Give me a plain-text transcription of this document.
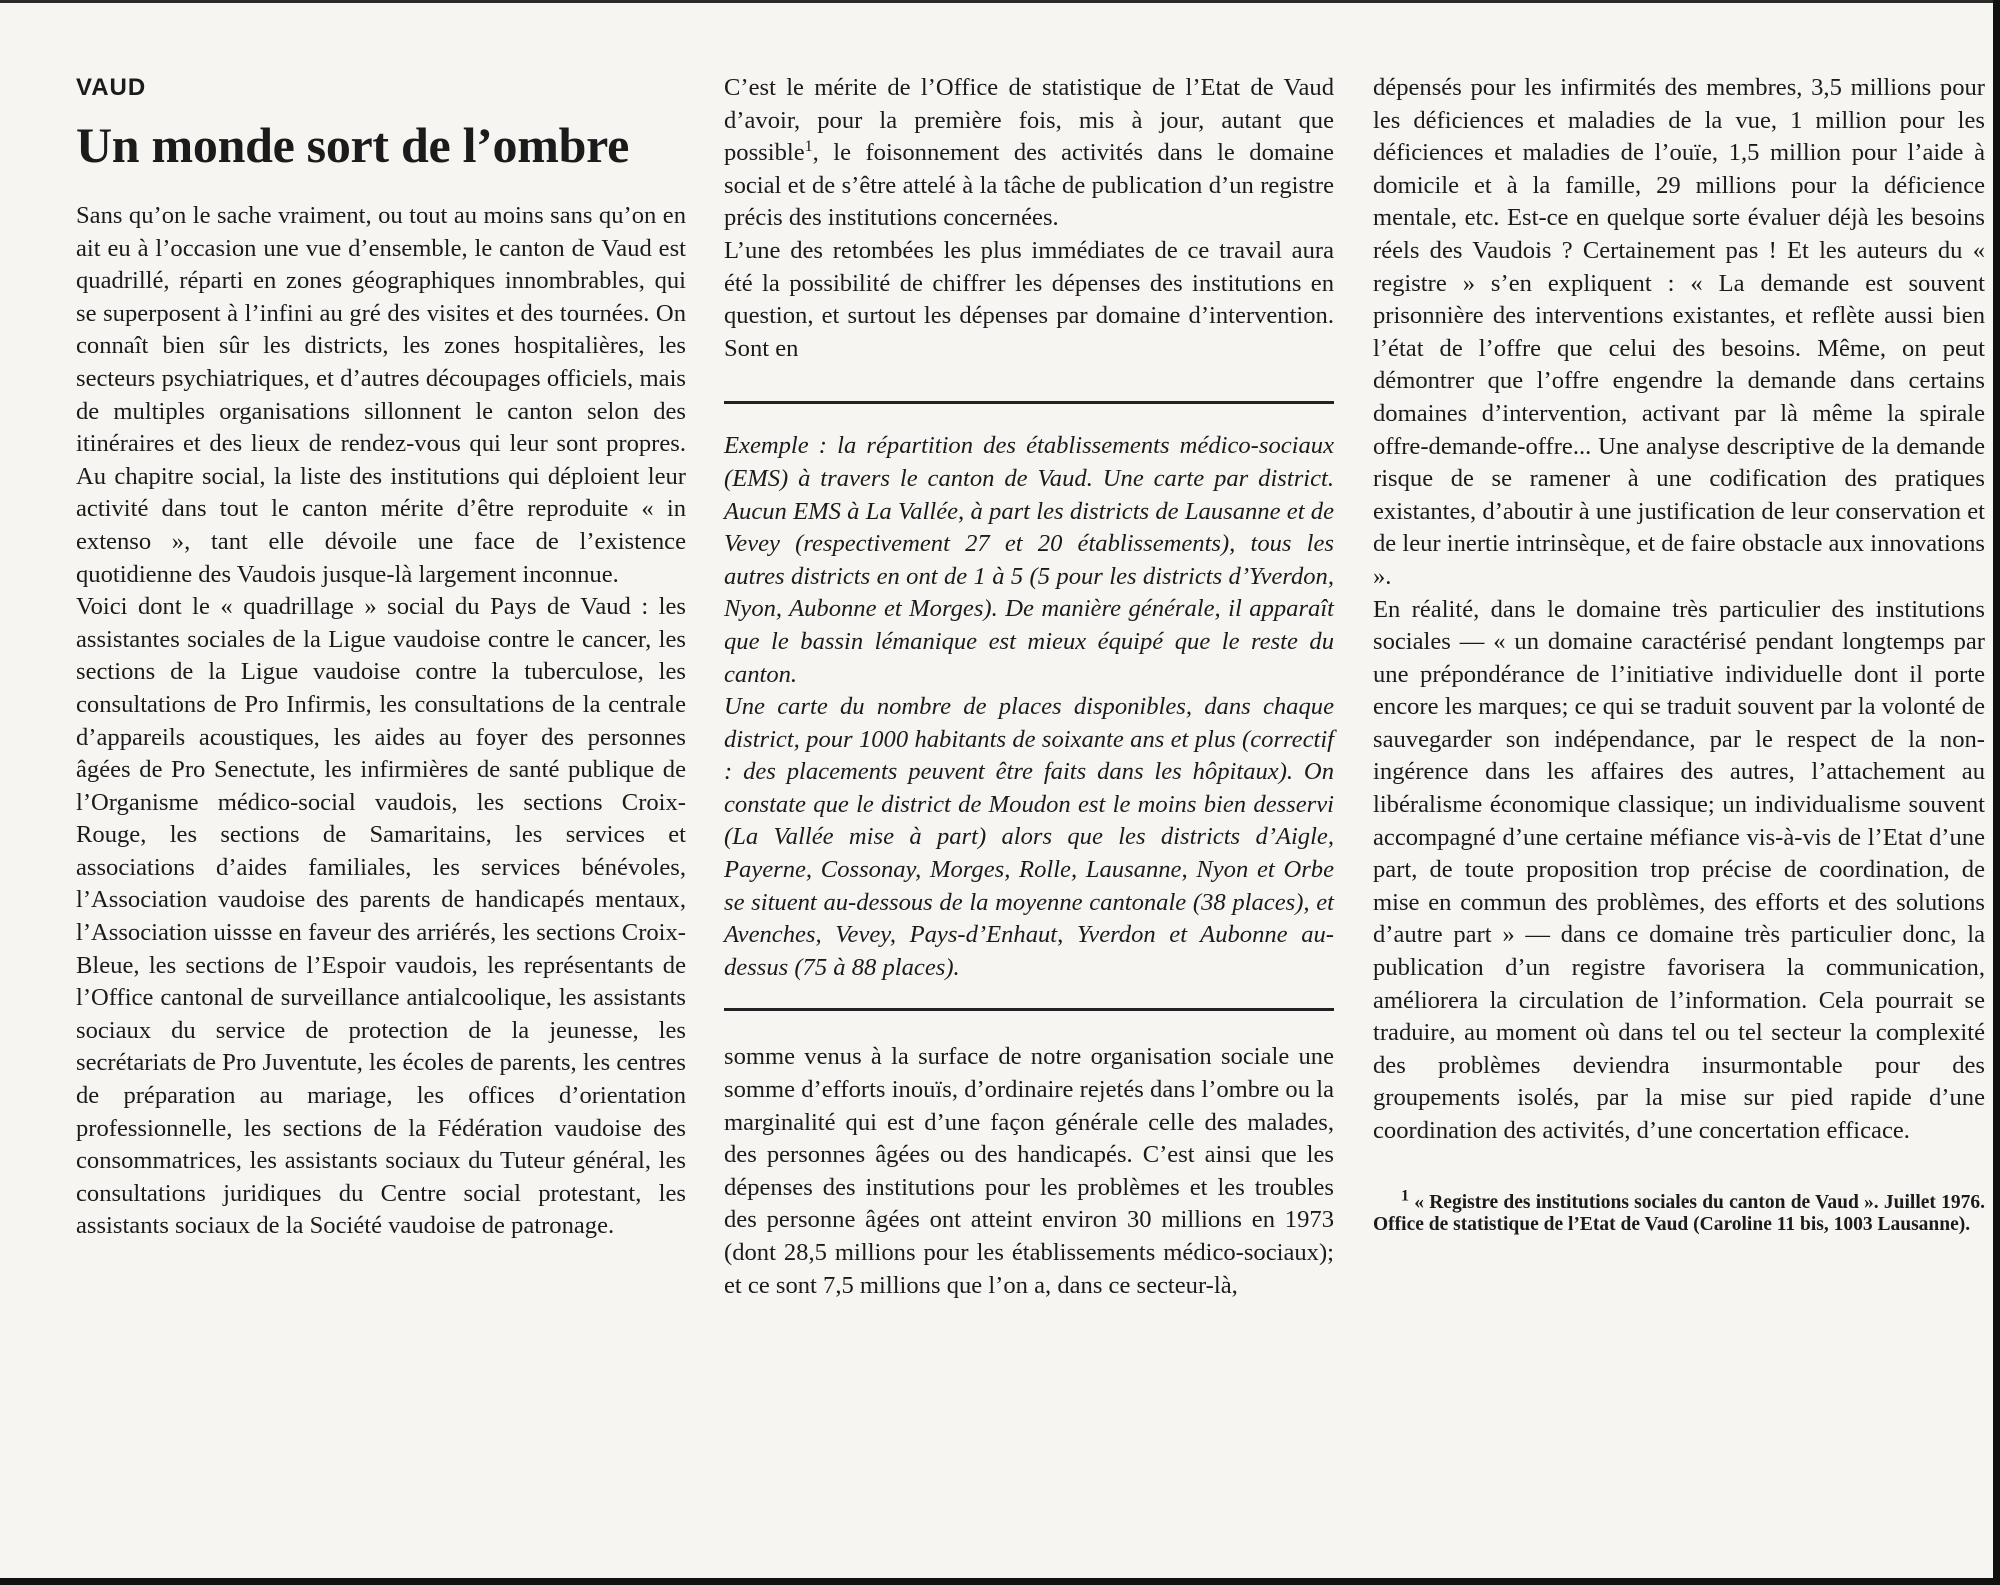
VAUD
Un monde sort de l’ombre

Sans qu’on le sache vraiment, ou tout au moins sans qu’on en ait eu à l’occasion une vue d’ensemble, le canton de Vaud est quadrillé, réparti en zones géographiques innombrables, qui se superposent à l’infini au gré des visites et des tournées. On connaît bien sûr les districts, les zones hospitalières, les secteurs psychiatriques, et d’autres découpages officiels, mais de multiples organisations sillonnent le canton selon des itinéraires et des lieux de rendez-vous qui leur sont propres. Au chapitre social, la liste des institutions qui déploient leur activité dans tout le canton mérite d’être reproduite « in extenso », tant elle dévoile une face de l’existence quotidienne des Vaudois jusque-là largement inconnue.

Voici dont le « quadrillage » social du Pays de Vaud : les assistantes sociales de la Ligue vaudoise contre le cancer, les sections de la Ligue vaudoise contre la tuberculose, les consultations de Pro Infirmis, les consultations de la centrale d’appareils acoustiques, les aides au foyer des personnes âgées de Pro Senectute, les infirmières de santé publique de l’Organisme médico-social vaudois, les sections Croix-Rouge, les sections de Samaritains, les services et associations d’aides familiales, les services bénévoles, l’Association vaudoise des parents de handicapés mentaux, l’Association uissse en faveur des arriérés, les sections Croix-Bleue, les sections de l’Espoir vaudois, les représentants de l’Office cantonal de surveillance antialcoolique, les assistants sociaux du service de protection de la jeunesse, les secrétariats de Pro Juventute, les écoles de parents, les centres de préparation au mariage, les offices d’orientation professionnelle, les sections de la Fédération vaudoise des consommatrices, les assistants sociaux du Tuteur général, les consultations juridiques du Centre social protestant, les assistants sociaux de la Société vaudoise de patronage.

C’est le mérite de l’Office de statistique de l’Etat de Vaud d’avoir, pour la première fois, mis à jour, autant que possible$^1$, le foisonnement des activités dans le domaine social et de s’être attelé à la tâche de publication d’un registre précis des institutions concernées.

L’une des retombées les plus immédiates de ce travail aura été la possibilité de chiffrer les dépenses des institutions en question, et surtout les dépenses par domaine d’intervention. Sont en

Exemple : la répartition des établissements médico-sociaux (EMS) à travers le canton de Vaud. Une carte par district. Aucun EMS à La Vallée, à part les districts de Lausanne et de Vevey (respectivement 27 et 20 établissements), tous les autres districts en ont de 1 à 5 (5 pour les districts d’Yverdon, Nyon, Aubonne et Morges). De manière générale, il apparaît que le bassin lémanique est mieux équipé que le reste du canton.

Une carte du nombre de places disponibles, dans chaque district, pour 1000 habitants de soixante ans et plus (correctif : des placements peuvent être faits dans les hôpitaux). On constate que le district de Moudon est le moins bien desservi (La Vallée mise à part) alors que les districts d’Aigle, Payerne, Cossonay, Morges, Rolle, Lausanne, Nyon et Orbe se situent au-dessous de la moyenne cantonale (38 places), et Avenches, Vevey, Pays-d’Enhaut, Yverdon et Aubonne au-dessus (75 à 88 places).

somme venus à la surface de notre organisation sociale une somme d’efforts inouïs, d’ordinaire rejetés dans l’ombre ou la marginalité qui est d’une façon générale celle des malades, des personnes âgées ou des handicapés. C’est ainsi que les dépenses des institutions pour les problèmes et les troubles des personne âgées ont atteint environ 30 millions en 1973 (dont 28,5 millions pour les établissements médico-sociaux); et ce sont 7,5 millions que l’on a, dans ce secteur-là,

dépensés pour les infirmités des membres, 3,5 millions pour les déficiences et maladies de la vue, 1 million pour les déficiences et maladies de l’ouïe, 1,5 million pour l’aide à domicile et à la famille, 29 millions pour la déficience mentale, etc. Est-ce en quelque sorte évaluer déjà les besoins réels des Vaudois ? Certainement pas ! Et les auteurs du « registre » s’en expliquent : « La demande est souvent prisonnière des interventions existantes, et reflète aussi bien l’état de l’offre que celui des besoins. Même, on peut démontrer que l’offre engendre la demande dans certains domaines d’intervention, activant par là même la spirale offre-demande-offre... Une analyse descriptive de la demande risque de se ramener à une codification des pratiques existantes, d’aboutir à une justification de leur conservation et de leur inertie intrinsèque, et de faire obstacle aux innovations ».

En réalité, dans le domaine très particulier des institutions sociales — « un domaine caractérisé pendant longtemps par une prépondérance de l’initiative individuelle dont il porte encore les marques; ce qui se traduit souvent par la volonté de sauvegarder son indépendance, par le respect de la non-ingérence dans les affaires des autres, l’attachement au libéralisme économique classique; un individualisme souvent accompagné d’une certaine méfiance vis-à-vis de l’Etat d’une part, de toute proposition trop précise de coordination, de mise en commun des problèmes, des efforts et des solutions d’autre part » — dans ce domaine très particulier donc, la publication d’un registre favorisera la communication, améliorera la circulation de l’information. Cela pourrait se traduire, au moment où dans tel ou tel secteur la complexité des problèmes deviendra insurmontable pour des groupements isolés, par la mise sur pied rapide d’une coordination des activités, d’une concertation efficace.

$^1$ « Registre des institutions sociales du canton de Vaud ». Juillet 1976. Office de statistique de l’Etat de Vaud (Caroline 11 bis, 1003 Lausanne).
